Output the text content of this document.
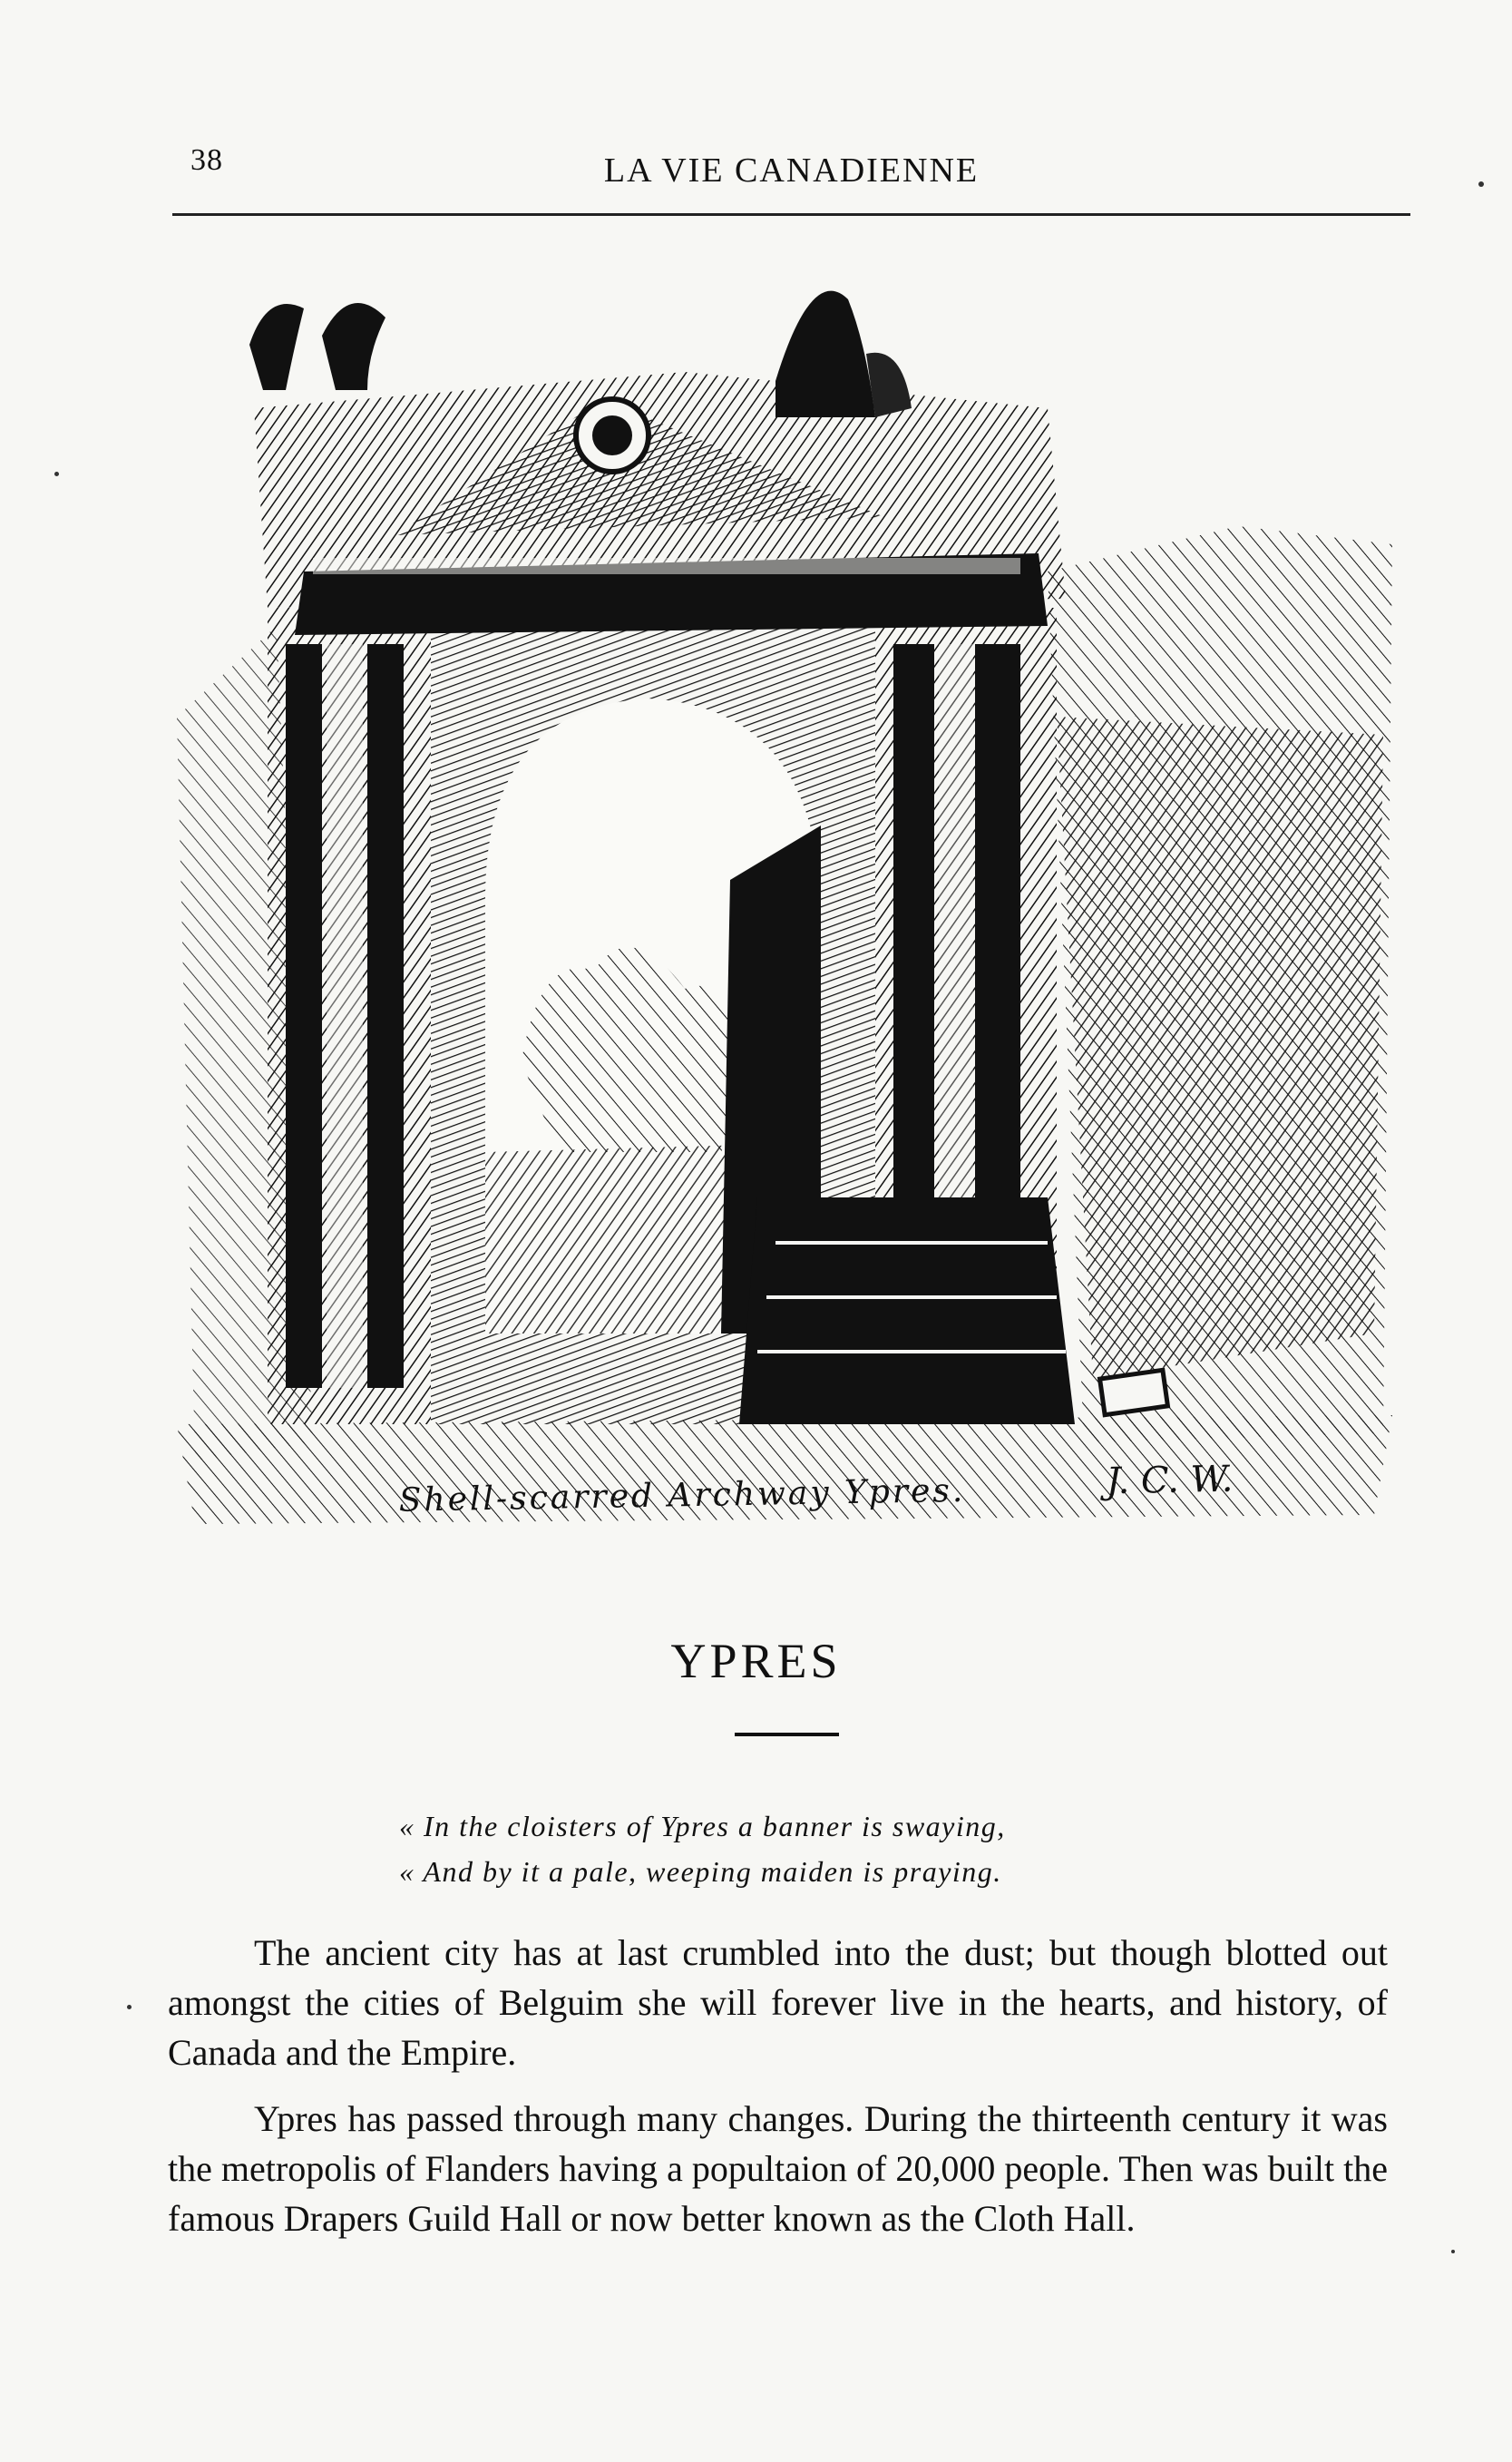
38	LA VIE CANADIENNE
Shell-scarred Archway Ypres.	J. C. W.
YPRES
« In the cloisters of Ypres a banner is swaying,
« And by it a pale, weeping maiden is praying.

The ancient city has at last crumbled into the dust; but though blotted out amongst the cities of Belguim she will forever live in the hearts, and history, of Canada and the Empire.

Ypres has passed through many changes. During the thirteenth century it was the metropolis of Flanders having a popultaion of 20,000 people. Then was built the famous Drapers Guild Hall or now better known as the Cloth Hall.
